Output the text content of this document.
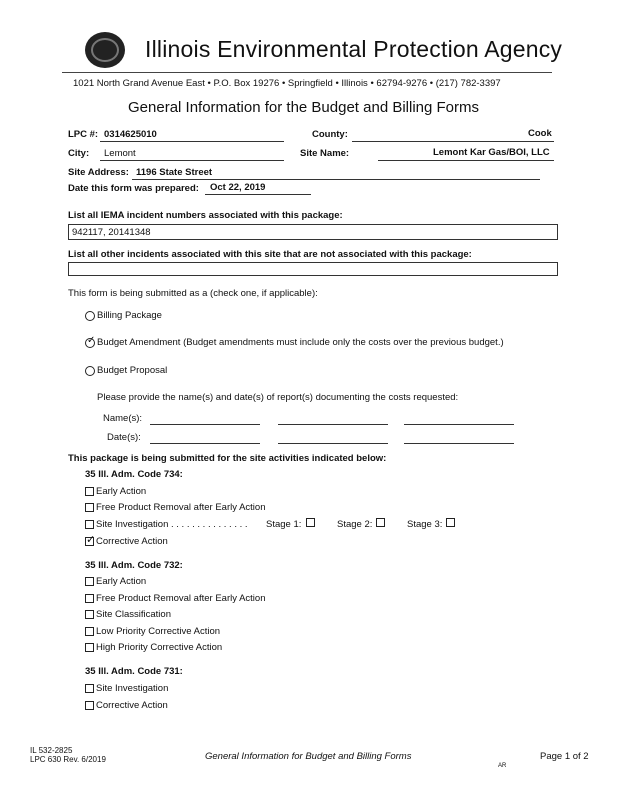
Illinois Environmental Protection Agency
1021 North Grand Avenue East • P.O. Box 19276 • Springfield • Illinois • 62794-9276 • (217) 782-3397
General Information for the Budget and Billing Forms
LPC #: 0314625010	County:	Cook
City: Lemont	Site Name:	Lemont Kar Gas/BOI, LLC
Site Address: 1196 State Street
Date this form was prepared: Oct 22, 2019
List all IEMA incident numbers associated with this package:
942117, 20141348
List all other incidents associated with this site that are not associated with this package:
This form is being submitted as a (check one, if applicable):
Billing Package
✓
Budget Amendment (Budget amendments must include only the costs over the previous budget.)
Budget Proposal
Please provide the name(s) and date(s) of report(s) documenting the costs requested:
Name(s):
Date(s):
This package is being submitted for the site activities indicated below:
35 Ill. Adm. Code 734:
Early Action
Free Product Removal after Early Action
Site Investigation . . . . . . . . . . . . . . . Stage 1:	Stage 2:	Stage 3:
✓ Corrective Action
35 Ill. Adm. Code 732:
Early Action
Free Product Removal after Early Action
Site Classification
Low Priority Corrective Action
High Priority Corrective Action
35 Ill. Adm. Code 731:
Site Investigation
Corrective Action
IL 532-2825
LPC 630 Rev. 6/2019	General Information for Budget and Billing Forms	Page 1 of 2
AR
